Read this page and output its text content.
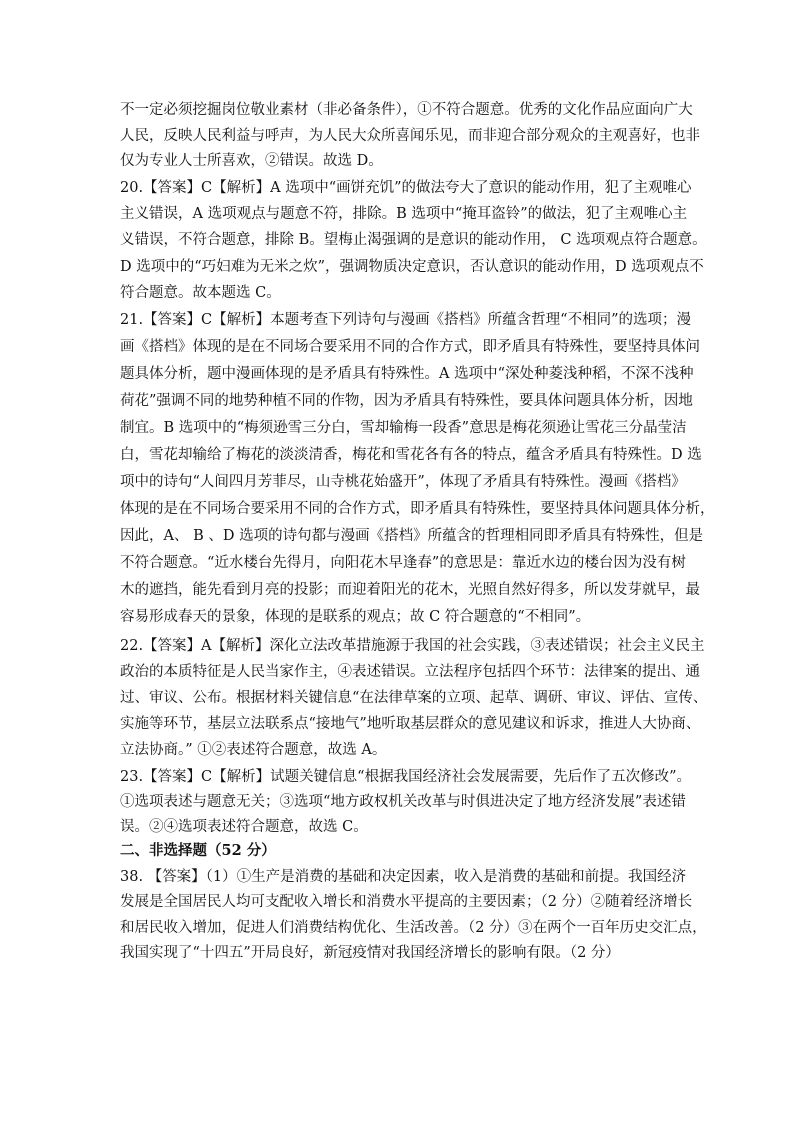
不一定必须挖掘岗位敬业素材（非必备条件），①不符合题意。优秀的文化作品应面向广大
人民，反映人民利益与呼声，为人民大众所喜闻乐见，而非迎合部分观众的主观喜好，也非
仅为专业人士所喜欢，②错误。故选 D。
20.【答案】C【解析】A 选项中“画饼充饥”的做法夸大了意识的能动作用，犯了主观唯心
主义错误，A 选项观点与题意不符，排除。B 选项中“掩耳盗铃”的做法，犯了主观唯心主
义错误，不符合题意，排除 B。望梅止渴强调的是意识的能动作用， C 选项观点符合题意。
D 选项中的“巧妇难为无米之炊”，强调物质决定意识，否认意识的能动作用，D 选项观点不
符合题意。故本题选 C。
21.【答案】C【解析】本题考查下列诗句与漫画《搭档》所蕴含哲理“不相同”的选项；漫
画《搭档》体现的是在不同场合要采用不同的合作方式，即矛盾具有特殊性，要坚持具体问
题具体分析，题中漫画体现的是矛盾具有特殊性。A 选项中“深处种菱浅种稻，不深不浅种
荷花”强调不同的地势种植不同的作物，因为矛盾具有特殊性，要具体问题具体分析，因地
制宜。B 选项中的“梅须逊雪三分白，雪却输梅一段香”意思是梅花须逊让雪花三分晶莹洁
白，雪花却输给了梅花的淡淡清香，梅花和雪花各有各的特点，蕴含矛盾具有特殊性。D 选
项中的诗句“人间四月芳菲尽，山寺桃花始盛开”，体现了矛盾具有特殊性。漫画《搭档》
体现的是在不同场合要采用不同的合作方式，即矛盾具有特殊性，要坚持具体问题具体分析，
因此，A、 B 、D 选项的诗句都与漫画《搭档》所蕴含的哲理相同即矛盾具有特殊性，但是
不符合题意。“近水楼台先得月，向阳花木早逢春”的意思是：靠近水边的楼台因为没有树
木的遮挡，能先看到月亮的投影；而迎着阳光的花木，光照自然好得多，所以发芽就早，最
容易形成春天的景象，体现的是联系的观点；故 C 符合题意的“不相同”。
22.【答案】A【解析】深化立法改革措施源于我国的社会实践，③表述错误；社会主义民主
政治的本质特征是人民当家作主，④表述错误。立法程序包括四个环节：法律案的提出、通
过、审议、公布。根据材料关键信息“在法律草案的立项、起草、调研、审议、评估、宣传、
实施等环节，基层立法联系点“接地气”地听取基层群众的意见建议和诉求，推进人大协商、
立法协商。” ①②表述符合题意，故选 A。
23.【答案】C【解析】试题关键信息“根据我国经济社会发展需要，先后作了五次修改”。
①选项表述与题意无关；③选项“地方政权机关改革与时俱进决定了地方经济发展”表述错
误。②④选项表述符合题意，故选 C。
二、非选择题（52 分）
38. 【答案】（1）①生产是消费的基础和决定因素，收入是消费的基础和前提。我国经济
发展是全国居民人均可支配收入增长和消费水平提高的主要因素；（2 分）②随着经济增长
和居民收入增加，促进人们消费结构优化、生活改善。（2 分）③在两个一百年历史交汇点，
我国实现了“十四五”开局良好，新冠疫情对我国经济增长的影响有限。（2 分）
